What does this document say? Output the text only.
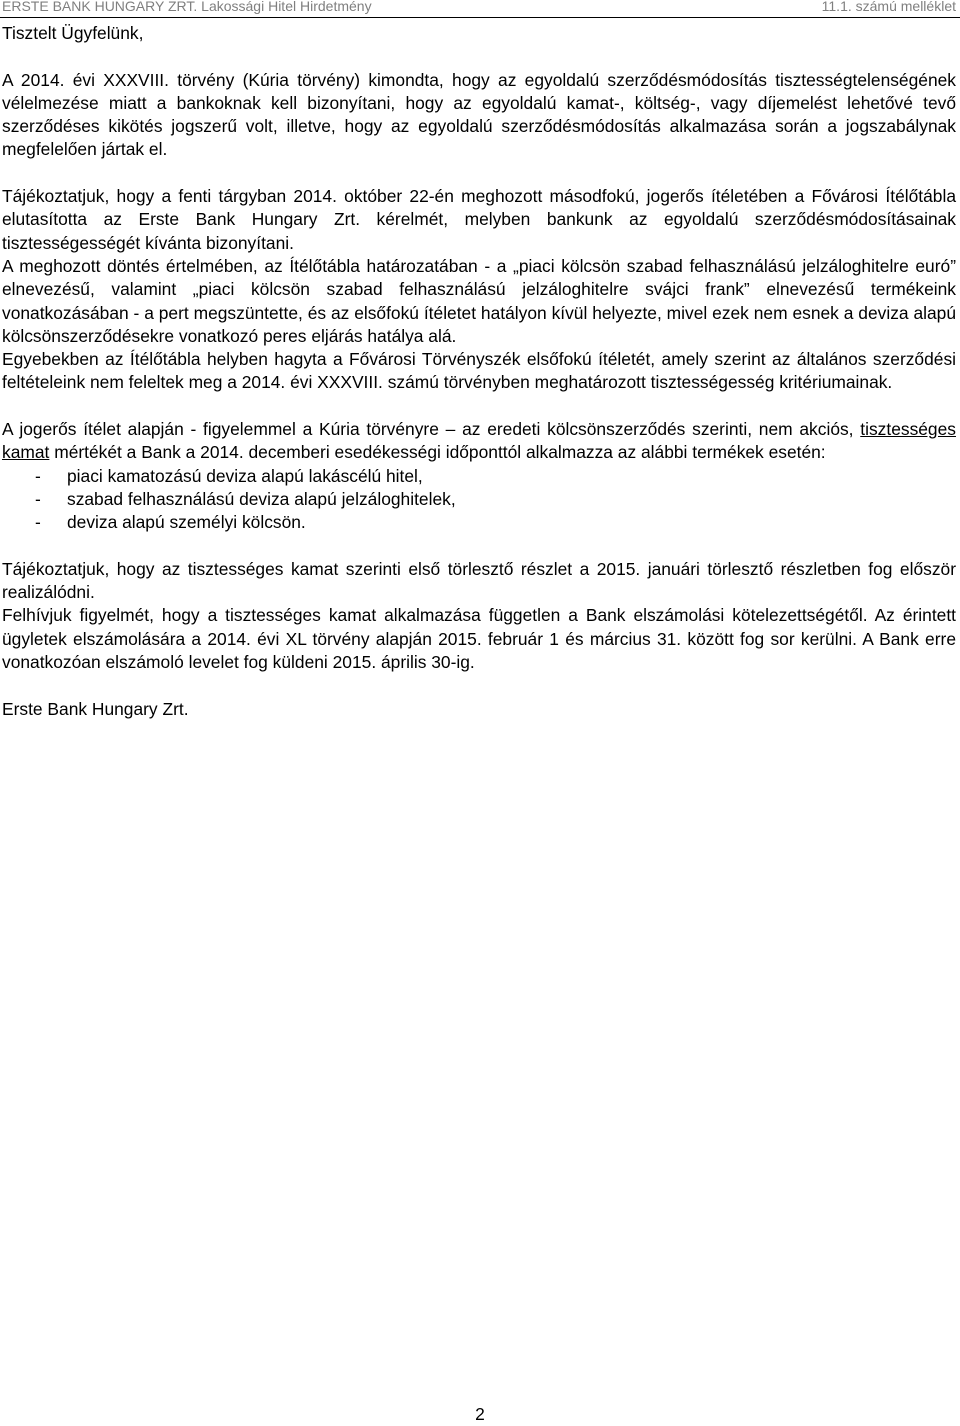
ERSTE BANK HUNGARY ZRT. Lakossági Hitel Hirdetmény	11.1. számú melléklet

Tisztelt Ügyfelünk,

A 2014. évi XXXVIII. törvény (Kúria törvény) kimondta, hogy az egyoldalú szerződésmódosítás tisztességtelenségének vélelmezése miatt a bankoknak kell bizonyítani, hogy az egyoldalú kamat-, költség-, vagy díjemelést lehetővé tevő szerződéses kikötés jogszerű volt, illetve, hogy az egyoldalú szerződésmódosítás alkalmazása során a jogszabálynak megfelelően jártak el.

Tájékoztatjuk, hogy a fenti tárgyban 2014. október 22-én meghozott másodfokú, jogerős ítéletében a Fővárosi Ítélőtábla elutasította az Erste Bank Hungary Zrt. kérelmét, melyben bankunk az egyoldalú szerződésmódosításainak tisztességességét kívánta bizonyítani.

A meghozott döntés értelmében, az Ítélőtábla határozatában - a „piaci kölcsön szabad felhasználású jelzáloghitelre euró” elnevezésű, valamint „piaci kölcsön szabad felhasználású jelzáloghitelre svájci frank” elnevezésű termékeink vonatkozásában - a pert megszüntette, és az elsőfokú ítéletet hatályon kívül helyezte, mivel ezek nem esnek a deviza alapú kölcsönszerződésekre vonatkozó peres eljárás hatálya alá.

Egyebekben az Ítélőtábla helyben hagyta a Fővárosi Törvényszék elsőfokú ítéletét, amely szerint az általános szerződési feltételeink nem feleltek meg a 2014. évi XXXVIII. számú törvényben meghatározott tisztességesség kritériumainak.

A jogerős ítélet alapján - figyelemmel a Kúria törvényre – az eredeti kölcsönszerződés szerinti, nem akciós, tisztességes kamat mértékét a Bank a 2014. decemberi esedékességi időponttól alkalmazza az alábbi termékek esetén:

- piaci kamatozású deviza alapú lakáscélú hitel,
- szabad felhasználású deviza alapú jelzáloghitelek,
- deviza alapú személyi kölcsön.

Tájékoztatjuk, hogy az tisztességes kamat szerinti első törlesztő részlet a 2015. januári törlesztő részletben fog először realizálódni.

Felhívjuk figyelmét, hogy a tisztességes kamat alkalmazása független a Bank elszámolási kötelezettségétől. Az érintett ügyletek elszámolására a 2014. évi XL törvény alapján 2015. február 1 és március 31. között fog sor kerülni. A Bank erre vonatkozóan elszámoló levelet fog küldeni 2015. április 30-ig.

Erste Bank Hungary Zrt.

2
